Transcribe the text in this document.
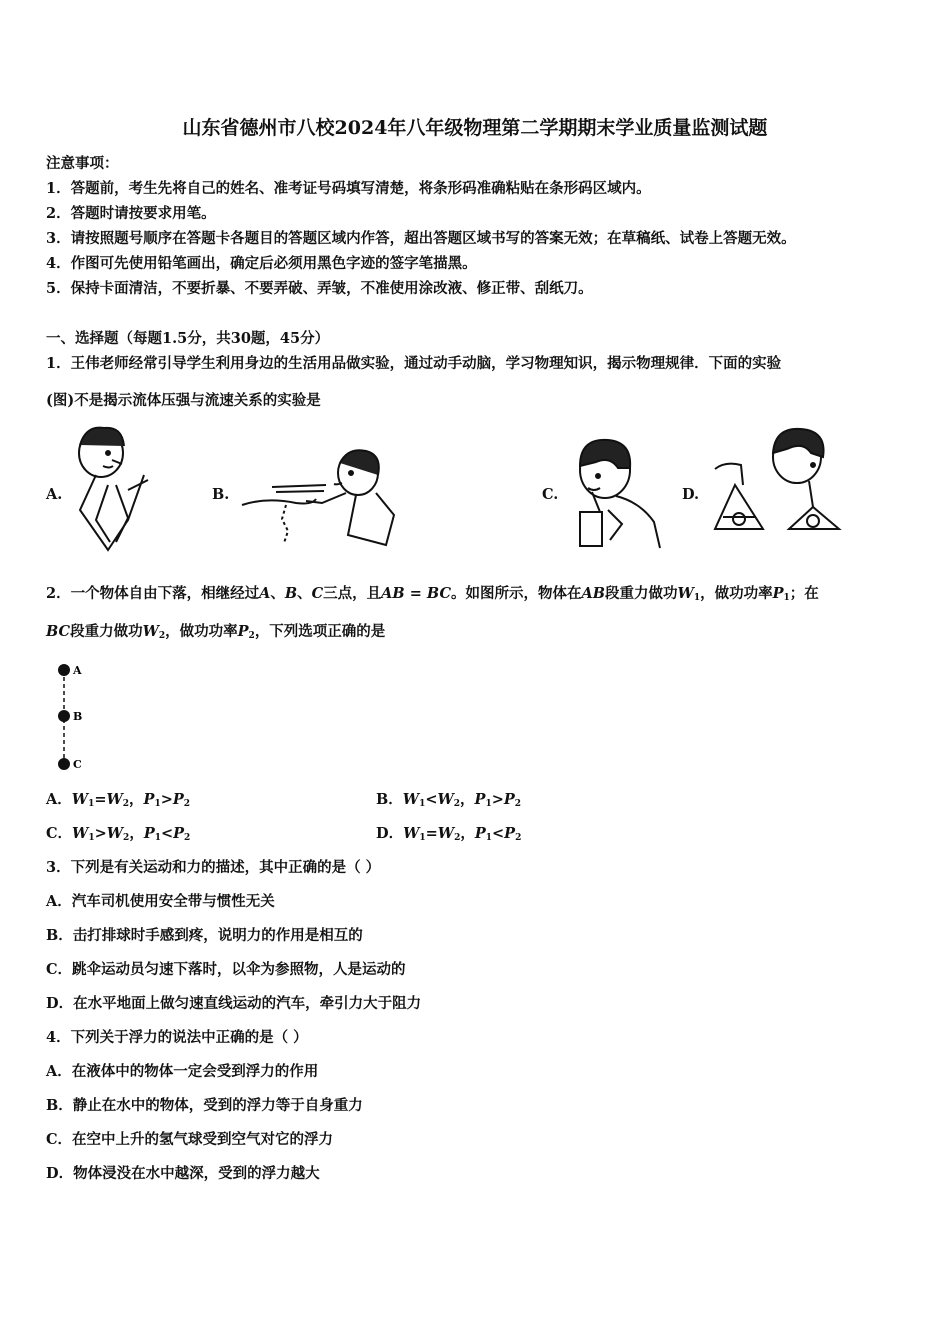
山东省德州市八校2024年八年级物理第二学期期末学业质量监测试题
注意事项：
1．答题前，考生先将自己的姓名、准考证号码填写清楚，将条形码准确粘贴在条形码区域内。
2．答题时请按要求用笔。
3．请按照题号顺序在答题卡各题目的答题区域内作答，超出答题区域书写的答案无效；在草稿纸、试卷上答题无效。
4．作图可先使用铅笔画出，确定后必须用黑色字迹的签字笔描黑。
5．保持卡面清洁，不要折暴、不要弄破、弄皱，不准使用涂改液、修正带、刮纸刀。
一、选择题（每题1.5分，共30题，45分）
1．王伟老师经常引导学生利用身边的生活用品做实验，通过动手动脑，学习物理知识，揭示物理规律．下面的实验
(图)不是揭示流体压强与流速关系的实验是
A.	B.	C.	D.
2．一个物体自由下落，相继经过A、B、C三点，且AB = BC。如图所示，物体在AB段重力做功$W_1$，做功功率$P_1$；在
BC段重力做功$W_2$，做功功率$P_2$，下列选项正确的是
A
B
C
A．$W_1=W_2$，$P_1>P_2$	B．$W_1<W_2$，$P_1>P_2$
C．$W_1>W_2$，$P_1<P_2$	D．$W_1=W_2$，$P_1<P_2$
3．下列是有关运动和力的描述，其中正确的是（ ）
A．汽车司机使用安全带与惯性无关
B．击打排球时手感到疼，说明力的作用是相互的
C．跳伞运动员匀速下落时，以伞为参照物，人是运动的
D．在水平地面上做匀速直线运动的汽车，牵引力大于阻力
4．下列关于浮力的说法中正确的是（ ）
A．在液体中的物体一定会受到浮力的作用
B．静止在水中的物体，受到的浮力等于自身重力
C．在空中上升的氢气球受到空气对它的浮力
D．物体浸没在水中越深，受到的浮力越大
